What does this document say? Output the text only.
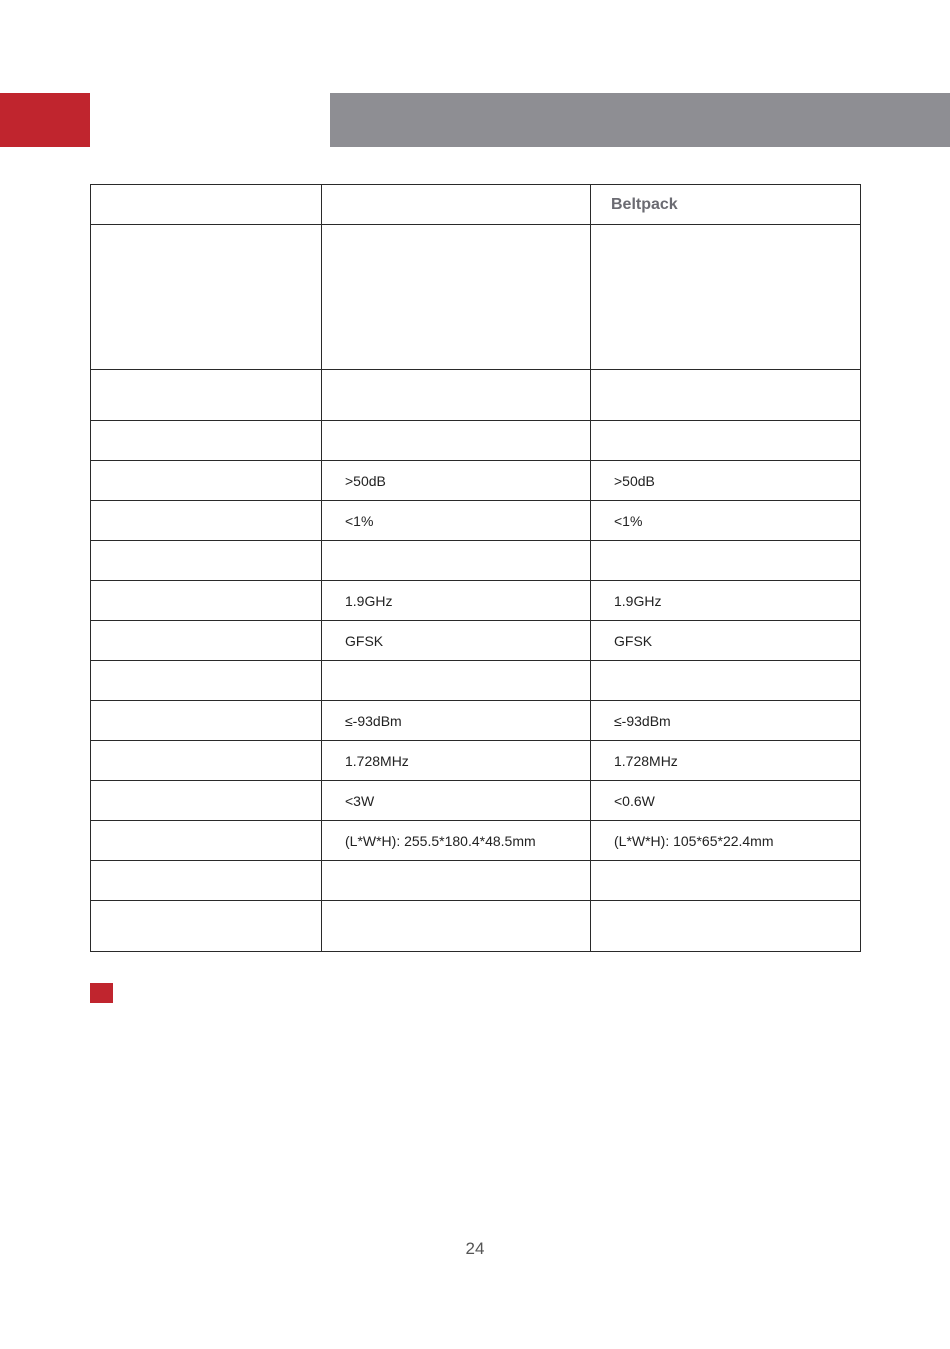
		Beltpack

	>50dB	>50dB
	<1%	<1%

	1.9GHz	1.9GHz
	GFSK	GFSK

	≤-93dBm	≤-93dBm
	1.728MHz	1.728MHz
	<3W	<0.6W
	(L*W*H): 255.5*180.4*48.5mm	(L*W*H): 105*65*22.4mm

24
